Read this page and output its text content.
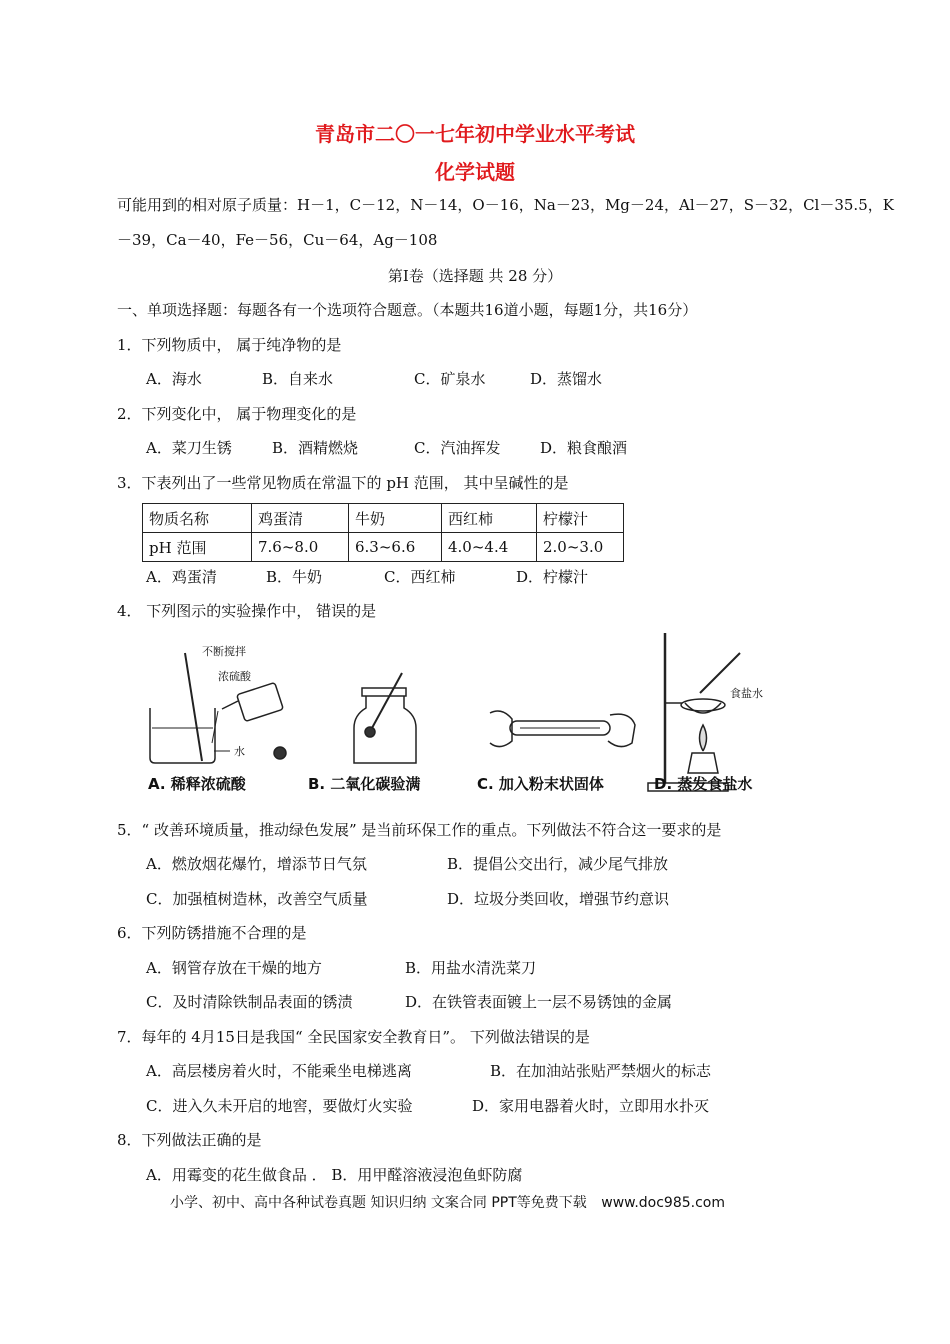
青岛市二〇一七年初中学业水平考试
化学试题
可能用到的相对原子质量：H－1，C－12，N－14，O－16，Na－23，Mg－24，Al－27，S－32，Cl－35.5，K
－39，Ca－40，Fe－56，Cu－64，Ag－108
第Ⅰ卷（选择题 共 28 分）
一、单项选择题：每题各有一个选项符合题意。（本题共16道小题，每题1分，共16分）
1．下列物质中， 属于纯净物的是
A．海水	B．自来水	C．矿泉水	D．蒸馏水
2．下列变化中， 属于物理变化的是
A．菜刀生锈	B．酒精燃烧	C．汽油挥发	D．粮食酿酒
3．下表列出了一些常见物质在常温下的 pH 范围， 其中呈碱性的是
物质名称	鸡蛋清	牛奶	西红柿	柠檬汁
pH 范围	7.6~8.0	6.3~6.6	4.0~4.4	2.0~3.0
A．鸡蛋清	B．牛奶	C．西红柿	D．柠檬汁
4． 下列图示的实验操作中， 错误的是
不断搅拌
浓硫酸
水
食盐水
A. 稀释浓硫酸	B. 二氧化碳验满	C. 加入粉末状固体	D. 蒸发食盐水
5．“ 改善环境质量，推动绿色发展” 是当前环保工作的重点。下列做法不符合这一要求的是
A．燃放烟花爆竹，增添节日气氛	B．提倡公交出行，减少尾气排放
C．加强植树造林，改善空气质量	D．垃圾分类回收，增强节约意识
6．下列防锈措施不合理的是
A．钢管存放在干燥的地方	B．用盐水清洗菜刀
C．及时清除铁制品表面的锈渍	D．在铁管表面镀上一层不易锈蚀的金属
7．每年的 4月15日是我国“ 全民国家安全教育日”。 下列做法错误的是
A．高层楼房着火时，不能乘坐电梯逃离	B．在加油站张贴严禁烟火的标志
C．进入久未开启的地窖，要做灯火实验	D．家用电器着火时，立即用水扑灭
8．下列做法正确的是
A．用霉变的花生做食品 ． B．用甲醛溶液浸泡鱼虾防腐
小学、初中、高中各种试卷真题 知识归纳 文案合同 PPT等免费下载 www.doc985.com
